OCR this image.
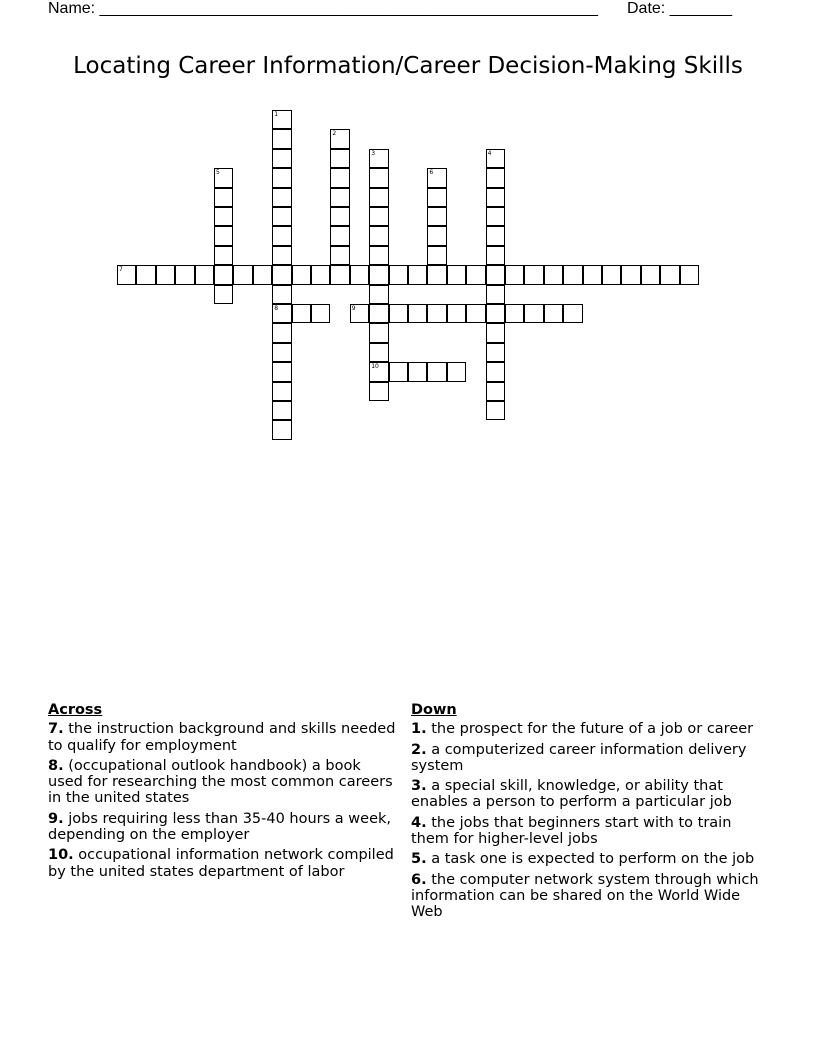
Name: ________________________________________________________ Date: _______
Locating Career Information/Career Decision-Making Skills
1
8
2
3
10
4
5	6
7
9
Across
7. the instruction background and skills needed to qualify for employment
8. (occupational outlook handbook) a book used for researching the most common careers in the united states
9. jobs requiring less than 35-40 hours a week, depending on the employer
10. occupational information network compiled by the united states department of labor
Down
1. the prospect for the future of a job or career
2. a computerized career information delivery system
3. a special skill, knowledge, or ability that enables a person to perform a particular job
4. the jobs that beginners start with to train them for higher-level jobs
5. a task one is expected to perform on the job
6. the computer network system through which information can be shared on the World Wide Web
